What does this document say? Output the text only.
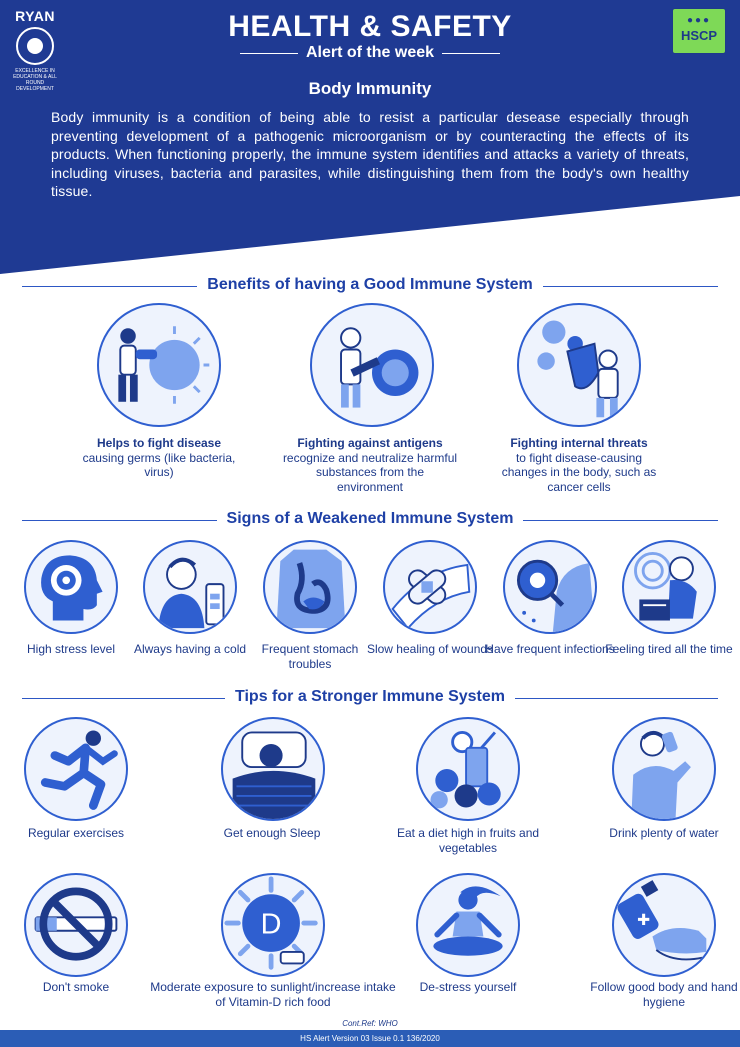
RYAN
EXCELLENCE IN EDUCATION & ALL ROUND DEVELOPMENT
●●●
HSCP
HEALTH & SAFETY
Alert of the week
Body Immunity
Body immunity is a condition of being able to resist a particular desease especially through preventing development of a pathogenic microorganism or by counteracting the effects of its products. When functioning properly, the immune system identifies and attacks a variety of threats, including viruses, bacteria and parasites, while distinguishing them from the body's own healthy tissue.
Benefits of having a Good Immune System
Helps to fight disease
causing germs (like bacteria, virus)
Fighting against antigens
recognize and neutralize harmful substances from the environment
Fighting internal threats
to fight disease-causing changes in the body, such as cancer cells
Signs of a Weakened Immune System
High stress level	Always having a cold	Frequent stomach troubles
Slow healing of wounds
Have frequent infections
Feeling tired all the time
Tips for a Stronger Immune System
Regular exercises	Get enough Sleep	Eat a diet high in fruits and vegetables
Drink plenty of water
Don't smoke
D
Moderate exposure to sunlight/increase intake of Vitamin-D rich food
De-stress yourself
✚
Follow good body and hand hygiene
Cont.Ref: WHO
HS Alert Version 03 Issue 0.1 136/2020
